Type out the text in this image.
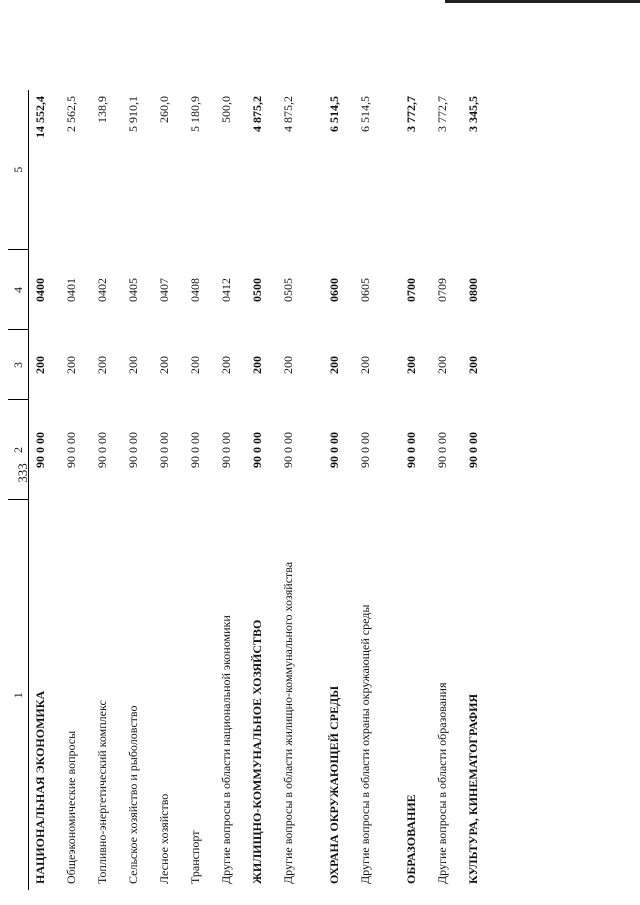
333
1	2	3	4	5
НАЦИОНАЛЬНАЯ ЭКОНОМИКА	90 0 00	200	0400	14 552,4
Общеэкономические вопросы	90 0 00	200	0401	2 562,5
Топливно-энергетический комплекс	90 0 00	200	0402	138,9
Сельское хозяйство и рыболовство	90 0 00	200	0405	5 910,1
Лесное хозяйство	90 0 00	200	0407	260,0
Транспорт	90 0 00	200	0408	5 180,9
Другие вопросы в области национальной экономики	90 0 00	200	0412	500,0
ЖИЛИЩНО-КОММУНАЛЬНОЕ ХОЗЯЙСТВО	90 0 00	200	0500	4 875,2
Другие вопросы в области жилищно-коммунального хозяйства	90 0 00	200	0505	4 875,2
ОХРАНА ОКРУЖАЮЩЕЙ СРЕДЫ	90 0 00	200	0600	6 514,5
Другие вопросы в области охраны окружающей среды	90 0 00	200	0605	6 514,5
ОБРАЗОВАНИЕ	90 0 00	200	0700	3 772,7
Другие вопросы в области образования	90 0 00	200	0709	3 772,7
КУЛЬТУРА, КИНЕМАТОГРАФИЯ	90 0 00	200	0800	3 345,5
